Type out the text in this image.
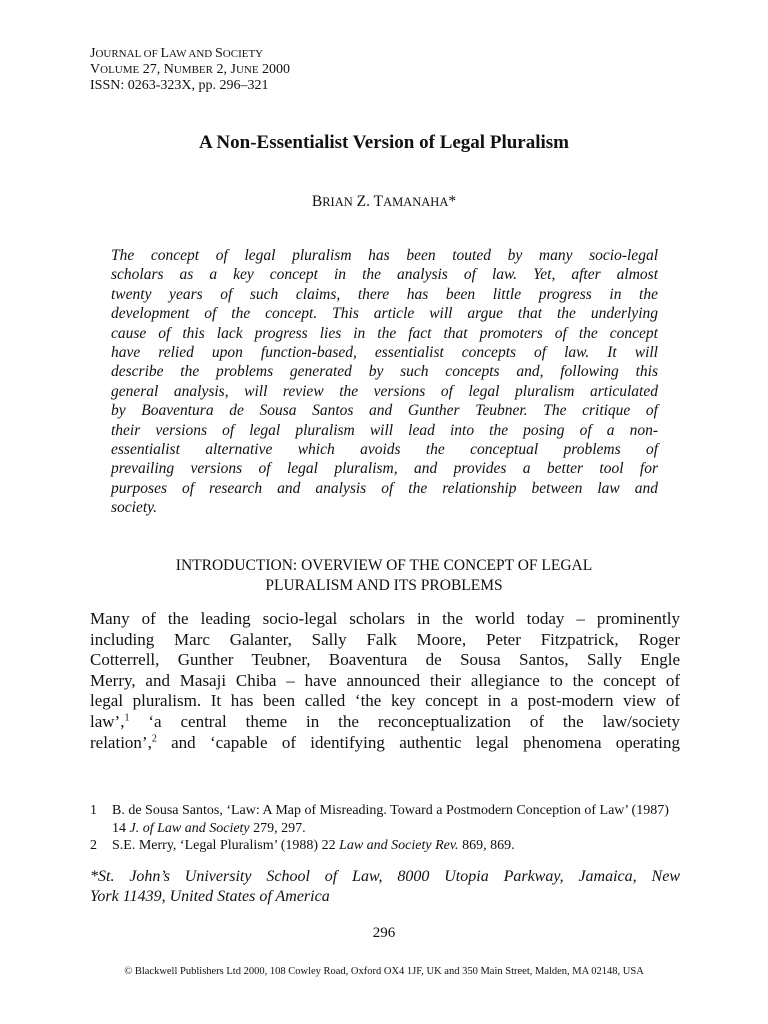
JOURNAL OF LAW AND SOCIETY
VOLUME 27, NUMBER 2, JUNE 2000
ISSN: 0263-323X, pp. 296–321
A Non-Essentialist Version of Legal Pluralism
BRIAN Z. TAMANAHA*
The concept of legal pluralism has been touted by many socio-legal
scholars as a key concept in the analysis of law. Yet, after almost
twenty years of such claims, there has been little progress in the
development of the concept. This article will argue that the underlying
cause of this lack progress lies in the fact that promoters of the concept
have relied upon function-based, essentialist concepts of law. It will
describe the problems generated by such concepts and, following this
general analysis, will review the versions of legal pluralism articulated
by Boaventura de Sousa Santos and Gunther Teubner. The critique of
their versions of legal pluralism will lead into the posing of a non-
essentialist alternative which avoids the conceptual problems of
prevailing versions of legal pluralism, and provides a better tool for
purposes of research and analysis of the relationship between law and
society.
INTRODUCTION: OVERVIEW OF THE CONCEPT OF LEGAL
PLURALISM AND ITS PROBLEMS
Many of the leading socio-legal scholars in the world today – prominently
including Marc Galanter, Sally Falk Moore, Peter Fitzpatrick, Roger
Cotterrell, Gunther Teubner, Boaventura de Sousa Santos, Sally Engle
Merry, and Masaji Chiba – have announced their allegiance to the concept of
legal pluralism. It has been called ‘the key concept in a post-modern view of
law’,$^1$ ‘a central theme in the reconceptualization of the law/society
relation’,$^2$ and ‘capable of identifying authentic legal phenomena operating
1 B. de Sousa Santos, ‘Law: A Map of Misreading. Toward a Postmodern Conception of Law’ (1987) 14 J. of Law and Society 279, 297.
2 S.E. Merry, ‘Legal Pluralism’ (1988) 22 Law and Society Rev. 869, 869.
*St. John’s University School of Law, 8000 Utopia Parkway, Jamaica, New
York 11439, United States of America
296
© Blackwell Publishers Ltd 2000, 108 Cowley Road, Oxford OX4 1JF, UK and 350 Main Street, Malden, MA 02148, USA
